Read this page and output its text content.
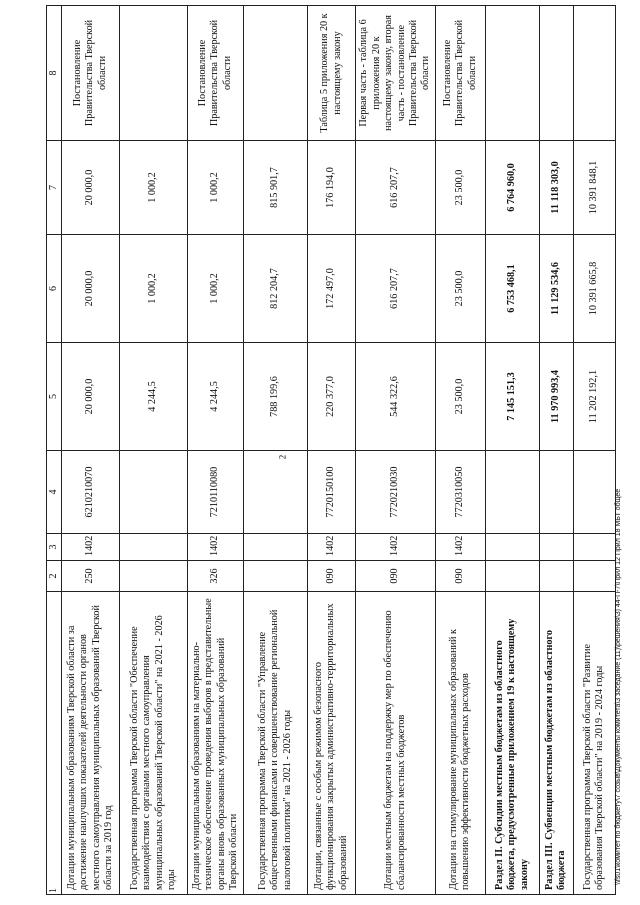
2
1	2	3	4	5	6	7	8
Дотации муниципальным образованиям Тверской области за достижение наилучших показателей деятельности органов местного самоуправления муниципальных образований Тверской области за 2019 год	250	1402	6210210070	20 000,0	20 000,0	20 000,0	Постановление Правительства Тверской области
Государственная программа Тверской области "Обеспечение взаимодействия с органами местного самоуправления муниципальных образований Тверской области" на 2021 - 2026 годы				4 244,5	1 000,2	1 000,2	
Дотации муниципальным образованиям на материально-техническое обеспечение проведения выборов в представительные органы вновь образованных муниципальных образований Тверской области	326	1402	7210110080	4 244,5	1 000,2	1 000,2	Постановление Правительства Тверской области
Государственная программа Тверской области "Управление общественными финансами и совершенствование региональной налоговой политики" на 2021 - 2026 годы				788 199,6	812 204,7	815 901,7	
Дотации, связанные с особым режимом безопасного функционирования закрытых административно-территориальных образований	090	1402	7720150100	220 377,0	172 497,0	176 194,0	Таблица 5 приложения 20 к настоящему закону
Дотации местным бюджетам на поддержку мер по обеспечению сбалансированности местных бюджетов	090	1402	7720210030	544 322,6	616 207,7	616 207,7	Первая часть - таблица 6 приложения 20 к настоящему закону, вторая часть - постановление Правительства Тверской области
Дотации на стимулирование муниципальных образований к повышению эффективности бюджетных расходов	090	1402	7720310050	23 500,0	23 500,0	23 500,0	Постановление Правительства Тверской области
Раздел II. Субсидии местным бюджетам из областного бюджета, предусмотренные приложением 19 к настоящему закону				7 145 151,3	6 753 468,1	6 764 960,0	
Раздел III. Субвенции местным бюджетам из областного бюджета				11 970 993,4	11 129 534,6	11 118 303,0	
Государственная программа Тверской области "Развитие образования Тверской области" на 2019 - 2024 годы				11 202 192,1	10 391 665,8	10 391 848,1	
\\fs01\комитет по бюджету\7 созыв\Документы комитета\3 заседание (11)\решения\3) 44-П-7\Прил 12 Прил 18 МБТ общее
